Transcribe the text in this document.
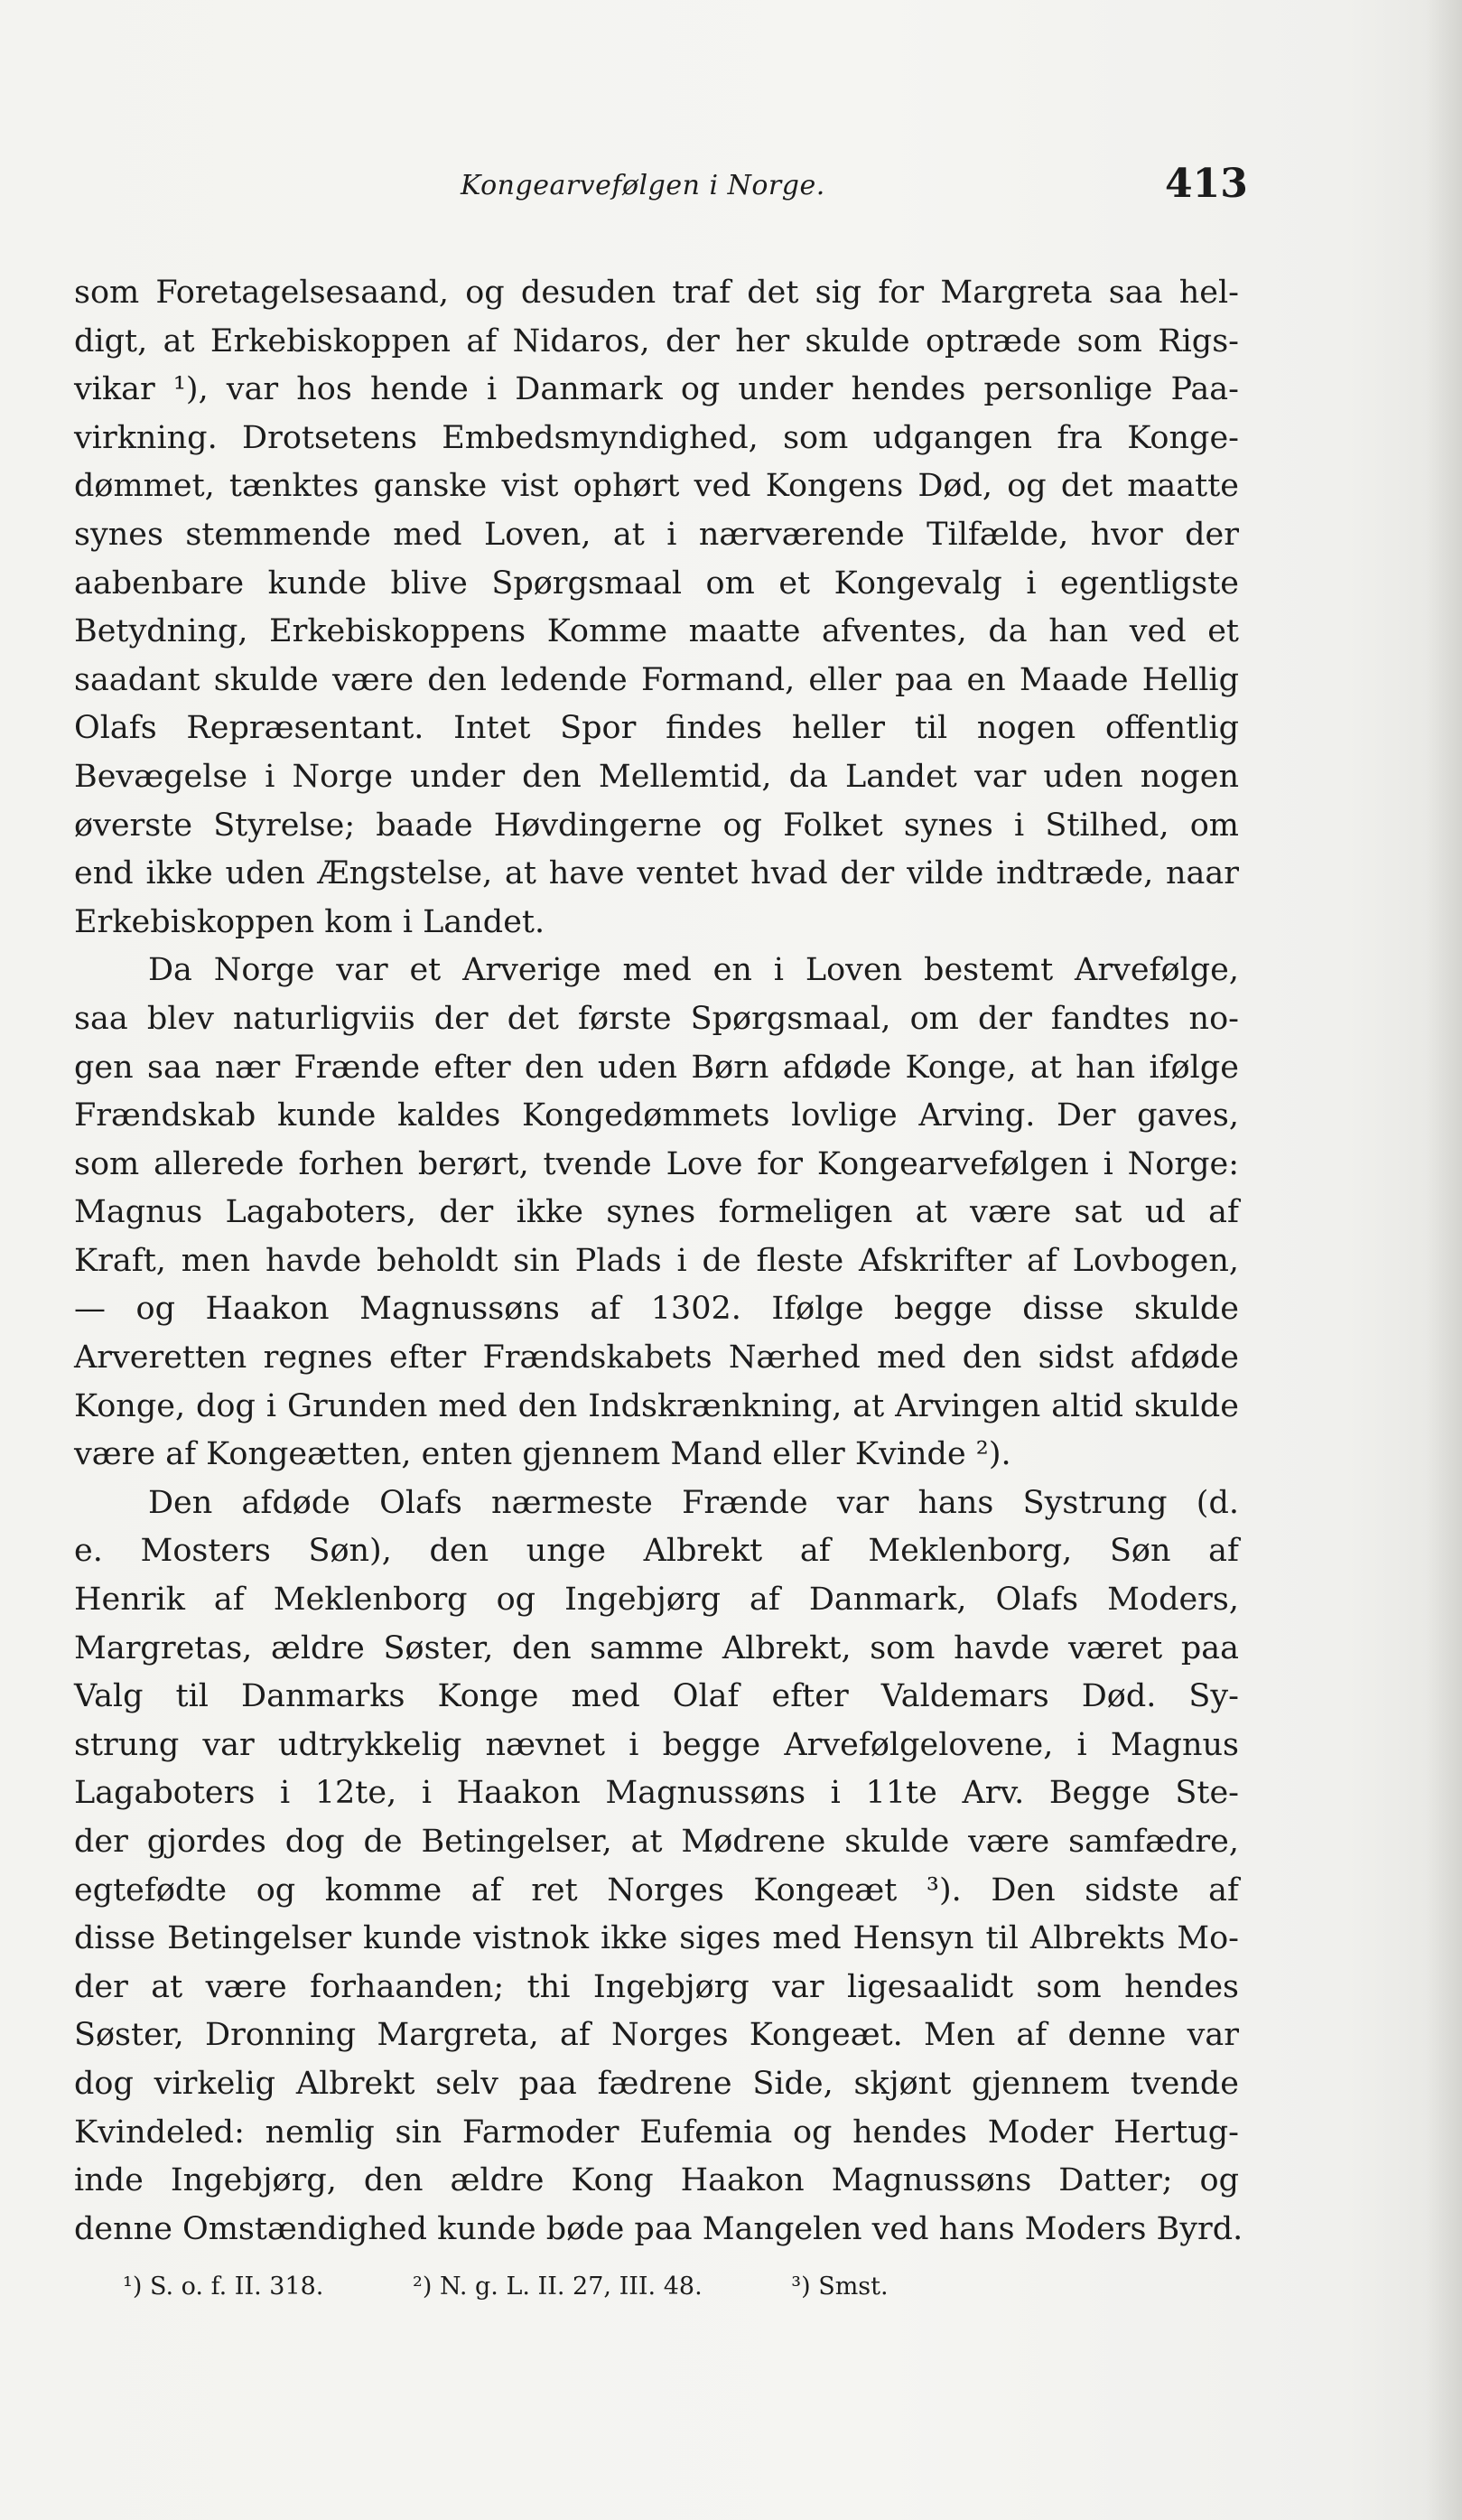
Kongearvefølgen i Norge.	413
som Foretagelsesaand, og desuden traf det sig for Margreta saa hel-
digt, at Erkebiskoppen af Nidaros, der her skulde optræde som Rigs-
vikar ¹), var hos hende i Danmark og under hendes personlige Paa-
virkning. Drotsetens Embedsmyndighed, som udgangen fra Konge-
dømmet, tænktes ganske vist ophørt ved Kongens Død, og det maatte
synes stemmende med Loven, at i nærværende Tilfælde, hvor der
aabenbare kunde blive Spørgsmaal om et Kongevalg i egentligste
Betydning, Erkebiskoppens Komme maatte afventes, da han ved et
saadant skulde være den ledende Formand, eller paa en Maade Hellig
Olafs Repræsentant. Intet Spor findes heller til nogen offentlig
Bevægelse i Norge under den Mellemtid, da Landet var uden nogen
øverste Styrelse; baade Høvdingerne og Folket synes i Stilhed, om
end ikke uden Ængstelse, at have ventet hvad der vilde indtræde, naar
Erkebiskoppen kom i Landet.
Da Norge var et Arverige med en i Loven bestemt Arvefølge,
saa blev naturligviis der det første Spørgsmaal, om der fandtes no-
gen saa nær Frænde efter den uden Børn afdøde Konge, at han ifølge
Frændskab kunde kaldes Kongedømmets lovlige Arving. Der gaves,
som allerede forhen berørt, tvende Love for Kongearvefølgen i Norge:
Magnus Lagaboters, der ikke synes formeligen at være sat ud af
Kraft, men havde beholdt sin Plads i de fleste Afskrifter af Lovbogen,
— og Haakon Magnussøns af 1302. Ifølge begge disse skulde
Arveretten regnes efter Frændskabets Nærhed med den sidst afdøde
Konge, dog i Grunden med den Indskrænkning, at Arvingen altid skulde
være af Kongeætten, enten gjennem Mand eller Kvinde ²).
Den afdøde Olafs nærmeste Frænde var hans Systrung (d.
e. Mosters Søn), den unge Albrekt af Meklenborg, Søn af
Henrik af Meklenborg og Ingebjørg af Danmark, Olafs Moders,
Margretas, ældre Søster, den samme Albrekt, som havde været paa
Valg til Danmarks Konge med Olaf efter Valdemars Død. Sy-
strung var udtrykkelig nævnet i begge Arvefølgelovene, i Magnus
Lagaboters i 12te, i Haakon Magnussøns i 11te Arv. Begge Ste-
der gjordes dog de Betingelser, at Mødrene skulde være samfædre,
egtefødte og komme af ret Norges Kongeæt ³). Den sidste af
disse Betingelser kunde vistnok ikke siges med Hensyn til Albrekts Mo-
der at være forhaanden; thi Ingebjørg var ligesaalidt som hendes
Søster, Dronning Margreta, af Norges Kongeæt. Men af denne var
dog virkelig Albrekt selv paa fædrene Side, skjønt gjennem tvende
Kvindeled: nemlig sin Farmoder Eufemia og hendes Moder Hertug-
inde Ingebjørg, den ældre Kong Haakon Magnussøns Datter; og
denne Omstændighed kunde bøde paa Mangelen ved hans Moders Byrd.
¹) S. o. f. II. 318.	²) N. g. L. II. 27, III. 48.	³) Smst.
